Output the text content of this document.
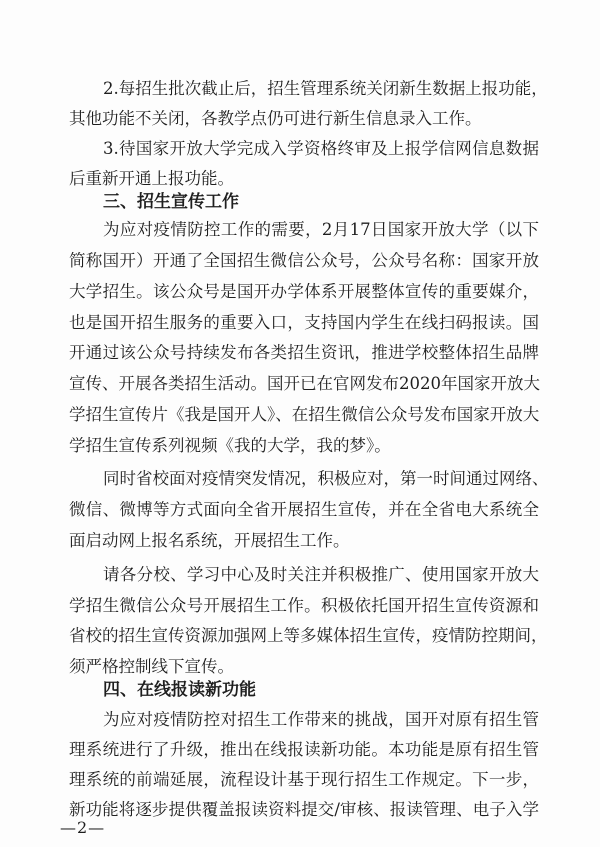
2.每招生批次截止后，招生管理系统关闭新生数据上报功能，
其他功能不关闭，各教学点仍可进行新生信息录入工作。
3.待国家开放大学完成入学资格终审及上报学信网信息数据
后重新开通上报功能。
三、招生宣传工作
为应对疫情防控工作的需要，2月17日国家开放大学（以下
简称国开）开通了全国招生微信公众号，公众号名称：国家开放
大学招生。该公众号是国开办学体系开展整体宣传的重要媒介，
也是国开招生服务的重要入口，支持国内学生在线扫码报读。国
开通过该公众号持续发布各类招生资讯，推进学校整体招生品牌
宣传、开展各类招生活动。国开已在官网发布2020年国家开放大
学招生宣传片《我是国开人》、在招生微信公众号发布国家开放大
学招生宣传系列视频《我的大学，我的梦》。
同时省校面对疫情突发情况，积极应对，第一时间通过网络、
微信、微博等方式面向全省开展招生宣传，并在全省电大系统全
面启动网上报名系统，开展招生工作。
请各分校、学习中心及时关注并积极推广、使用国家开放大
学招生微信公众号开展招生工作。积极依托国开招生宣传资源和
省校的招生宣传资源加强网上等多媒体招生宣传，疫情防控期间，
须严格控制线下宣传。
四、在线报读新功能
为应对疫情防控对招生工作带来的挑战，国开对原有招生管
理系统进行了升级，推出在线报读新功能。本功能是原有招生管
理系统的前端延展，流程设计基于现行招生工作规定。下一步，
新功能将逐步提供覆盖报读资料提交/审核、报读管理、电子入学
—2—
